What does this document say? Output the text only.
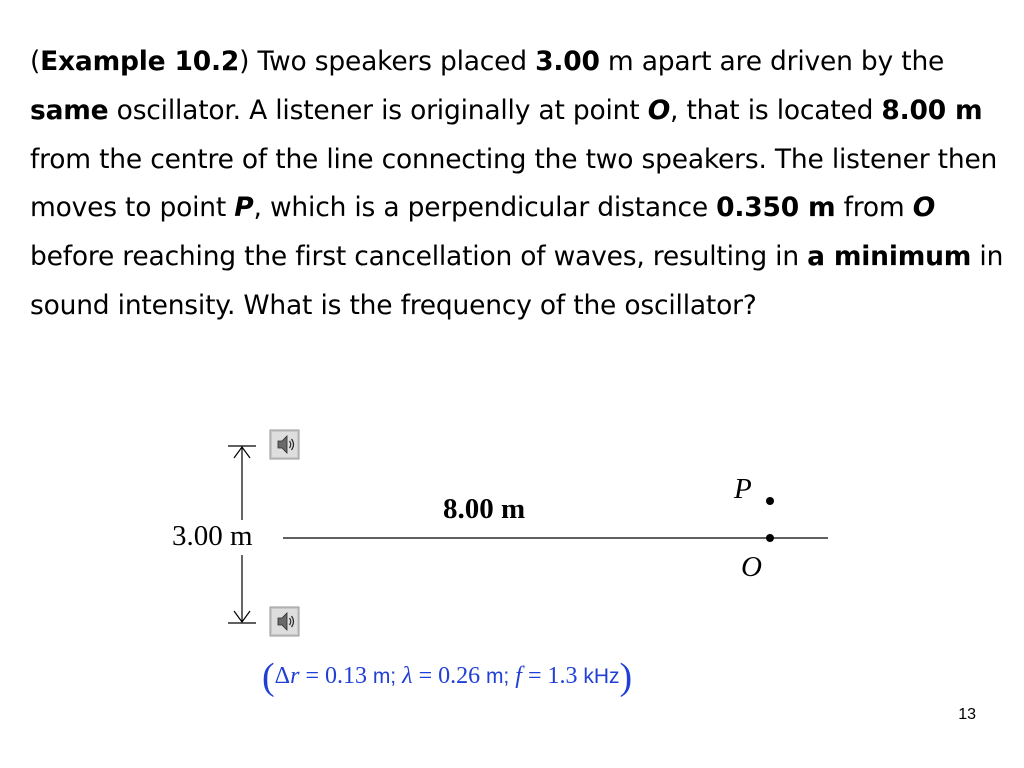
(Example 10.2) Two speakers placed 3.00 m apart are driven by the same oscillator. A listener is originally at point O, that is located 8.00 m from the centre of the line connecting the two speakers. The listener then moves to point P, which is a perpendicular distance 0.350 m from O before reaching the first cancellation of waves, resulting in a minimum in sound intensity. What is the frequency of the oscillator?

3.00 m
8.00 m
P
O
(Δr = 0.13 m; λ = 0.26 m; f = 1.3 kHz)
13
